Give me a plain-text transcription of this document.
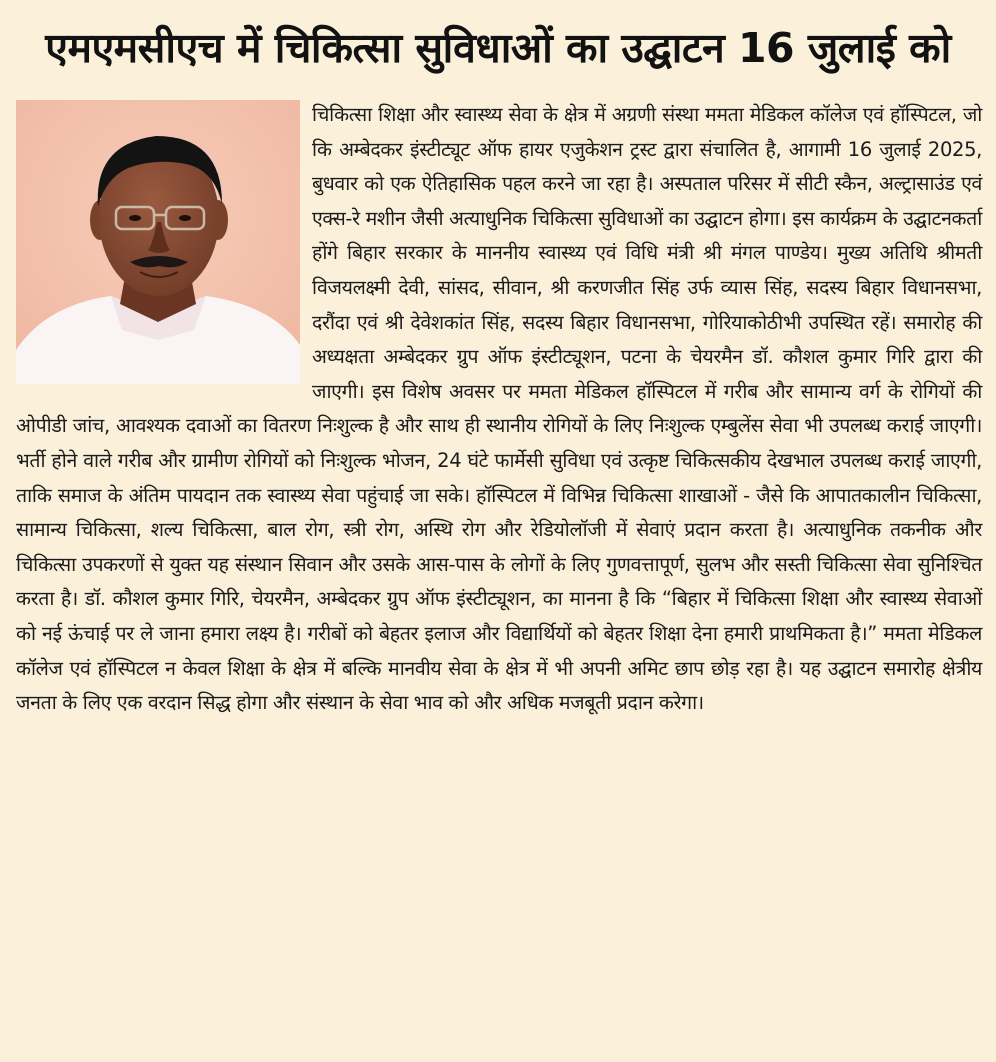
एमएमसीएच में चिकित्सा सुविधाओं का उद्घाटन 16 जुलाई को
चिकित्सा शिक्षा और स्वास्थ्य सेवा के क्षेत्र में अग्रणी संस्था ममता मेडिकल कॉलेज एवं हॉस्पिटल, जो कि अम्बेदकर इंस्टीट्यूट ऑफ हायर एजुकेशन ट्रस्ट द्वारा संचालित है, आगामी 16 जुलाई 2025, बुधवार को एक ऐतिहासिक पहल करने जा रहा है। अस्पताल परिसर में सीटी स्कैन, अल्ट्रासाउंड एवं एक्स-रे मशीन जैसी अत्याधुनिक चिकित्सा सुविधाओं का उद्घाटन होगा। इस कार्यक्रम के उद्घाटनकर्ता होंगे बिहार सरकार के माननीय स्वास्थ्य एवं विधि मंत्री श्री मंगल पाण्डेय। मुख्य अतिथि श्रीमती विजयलक्ष्मी देवी, सांसद, सीवान, श्री करणजीत सिंह उर्फ व्यास सिंह, सदस्य बिहार विधानसभा, दरौंदा एवं श्री देवेशकांत सिंह, सदस्य बिहार विधानसभा, गोरियाकोठीभी उपस्थित रहें। समारोह की अध्यक्षता अम्बेदकर ग्रुप ऑफ इंस्टीट्यूशन, पटना के चेयरमैन डॉ. कौशल कुमार गिरि द्वारा की जाएगी। इस विशेष अवसर पर ममता मेडिकल हॉस्पिटल में गरीब और सामान्य वर्ग के रोगियों की ओपीडी जांच, आवश्यक दवाओं का वितरण निःशुल्क है और साथ ही स्थानीय रोगियों के लिए निःशुल्क एम्बुलेंस सेवा भी उपलब्ध कराई जाएगी। भर्ती होने वाले गरीब और ग्रामीण रोगियों को निःशुल्क भोजन, 24 घंटे फार्मेसी सुविधा एवं उत्कृष्ट चिकित्सकीय देखभाल उपलब्ध कराई जाएगी, ताकि समाज के अंतिम पायदान तक स्वास्थ्य सेवा पहुंचाई जा सके। हॉस्पिटल में विभिन्न चिकित्सा शाखाओं - जैसे कि आपातकालीन चिकित्सा, सामान्य चिकित्सा, शल्य चिकित्सा, बाल रोग, स्त्री रोग, अस्थि रोग और रेडियोलॉजी में सेवाएं प्रदान करता है। अत्याधुनिक तकनीक और चिकित्सा उपकरणों से युक्त यह संस्थान सिवान और उसके आस-पास के लोगों के लिए गुणवत्तापूर्ण, सुलभ और सस्ती चिकित्सा सेवा सुनिश्चित करता है। डॉ. कौशल कुमार गिरि, चेयरमैन, अम्बेदकर ग्रुप ऑफ इंस्टीट्यूशन, का मानना है कि “बिहार में चिकित्सा शिक्षा और स्वास्थ्य सेवाओं को नई ऊंचाई पर ले जाना हमारा लक्ष्य है। गरीबों को बेहतर इलाज और विद्यार्थियों को बेहतर शिक्षा देना हमारी प्राथमिकता है।” ममता मेडिकल कॉलेज एवं हॉस्पिटल न केवल शिक्षा के क्षेत्र में बल्कि मानवीय सेवा के क्षेत्र में भी अपनी अमिट छाप छोड़ रहा है। यह उद्घाटन समारोह क्षेत्रीय जनता के लिए एक वरदान सिद्ध होगा और संस्थान के सेवा भाव को और अधिक मजबूती प्रदान करेगा।
